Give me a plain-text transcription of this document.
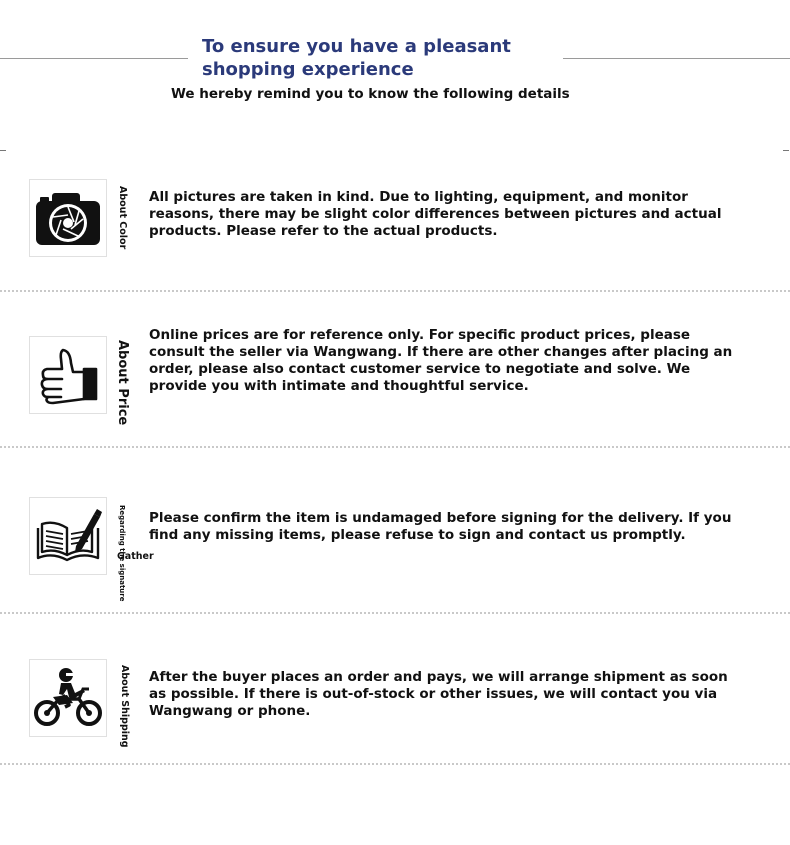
To ensure you have a pleasant shopping experience
We hereby remind you to know the following details
About Color All pictures are taken in kind. Due to lighting, equipment, and monitor reasons, there may be slight color differences between pictures and actual products. Please refer to the actual products.
About Price
Online prices are for reference only. For specific product prices, please consult the seller via Wangwang. If there are other changes after placing an order, please also contact customer service to negotiate and solve. We provide you with intimate and thoughtful service.
Regarding the signature
Gather
Please confirm the item is undamaged before signing for the delivery. If you find any missing items, please refuse to sign and contact us promptly.
About Shipping After the buyer places an order and pays, we will arrange shipment as soon as possible. If there is out-of-stock or other issues, we will contact you via Wangwang or phone.
